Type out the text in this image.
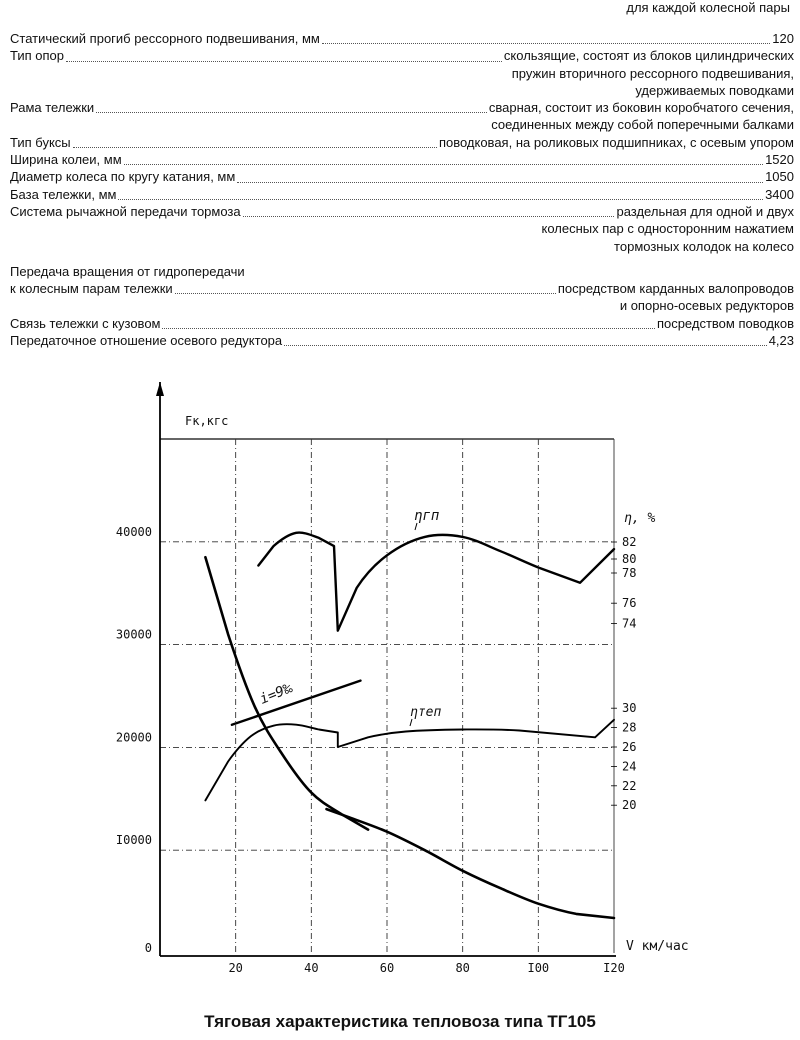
для каждой колесной пары
Статический прогиб рессорного подвешивания, мм	120
Тип опор	скользящие, состоят из блоков цилиндрических
пружин вторичного рессорного подвешивания,
удерживаемых поводками
Рама тележки	сварная, состоит из боковин коробчатого сечения,
соединенных между собой поперечными балками
Тип буксы	поводковая, на роликовых подшипниках, с осевым упором
Ширина колеи, мм	1520
Диаметр колеса по кругу катания, мм	1050
База тележки, мм	3400
Система рычажной передачи тормоза	раздельная для одной и двух
колесных пар с односторонним нажатием
тормозных колодок на колесо
Передача вращения от гидропередачи
к колесным парам тележки	посредством карданных валопроводов
и опорно-осевых редукторов
Связь тележки с кузовом	посредством поводков
Передаточное отношение осевого редуктора	4,23
20	40	60	80	I00	I20
0
I0000
20000
30000
40000
Fк,кгс
V км/час
η, %
82
80
78
76
74
30
28
26
24
22
20
ηгп
ηтеп
i=9‰
Тяговая характеристика тепловоза типа ТГ105
